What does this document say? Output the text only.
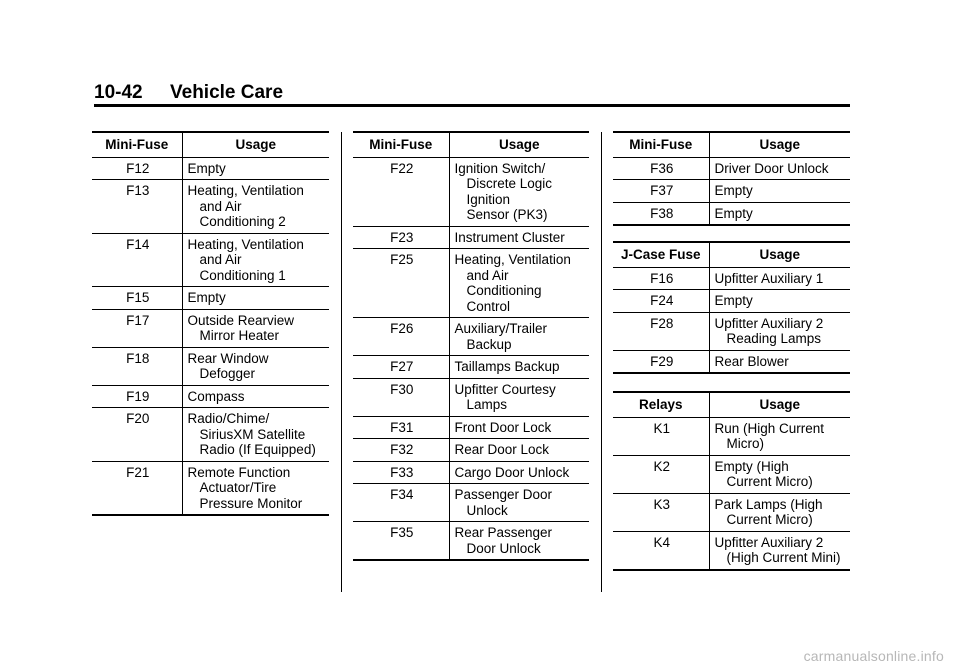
10-42 Vehicle Care
Mini-Fuse	Usage
F12	Empty

F13	Heating, Ventilation
and Air
Conditioning 2

F14	Heating, Ventilation
and Air
Conditioning 1

F15	Empty

F17	Outside Rearview
Mirror Heater

F18	Rear Window
Defogger

F19	Compass

F20	Radio/Chime/
SiriusXM Satellite
Radio (If Equipped)

F21	Remote Function
Actuator/Tire
Pressure Monitor
Mini-Fuse	Usage
F22	Ignition Switch/
Discrete Logic
Ignition
Sensor (PK3)

F23	Instrument Cluster

F25	Heating, Ventilation
and Air
Conditioning
Control

F26	Auxiliary/Trailer
Backup

F27	Taillamps Backup

F30	Upfitter Courtesy
Lamps

F31	Front Door Lock

F32	Rear Door Lock

F33	Cargo Door Unlock

F34	Passenger Door
Unlock

F35	Rear Passenger
Door Unlock
Mini-Fuse	Usage
F36	Driver Door Unlock

F37	Empty

F38	Empty
J-Case Fuse	Usage
F16	Upfitter Auxiliary 1

F24	Empty

F28	Upfitter Auxiliary 2
Reading Lamps

F29	Rear Blower
Relays	Usage
K1	Run (High Current
Micro)

K2	Empty (High
Current Micro)

K3	Park Lamps (High
Current Micro)

K4	Upfitter Auxiliary 2
(High Current Mini)
carmanualsonline.info
